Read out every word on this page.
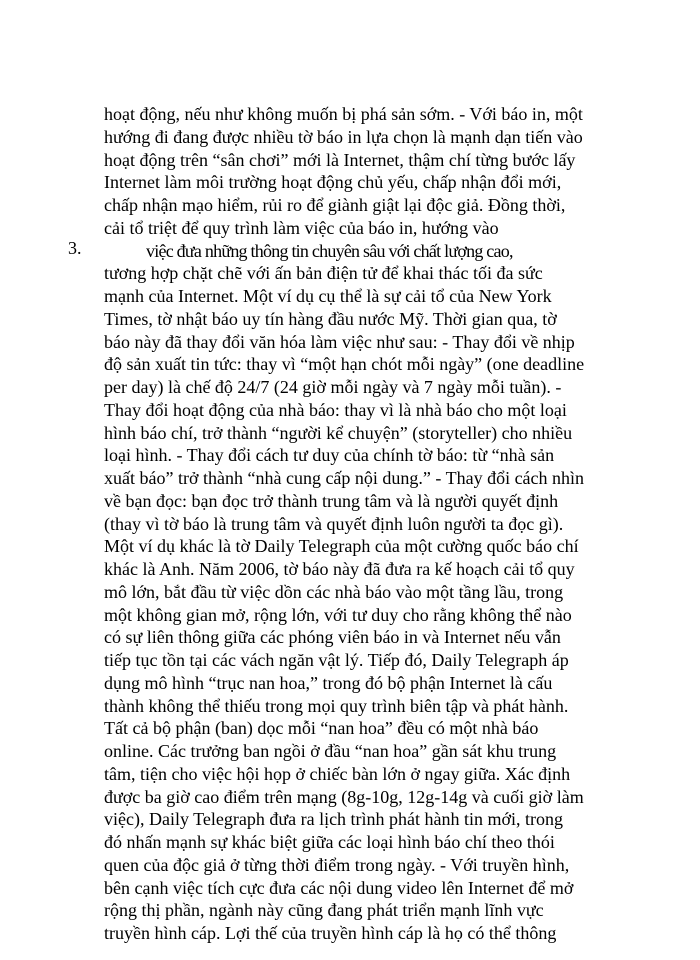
3.
hoạt động, nếu như không muốn bị phá sản sớm. - Với báo in, một
hướng đi đang được nhiều tờ báo in lựa chọn là mạnh dạn tiến vào
hoạt động trên “sân chơi” mới là Internet, thậm chí từng bước lấy
Internet làm môi trường hoạt động chủ yếu, chấp nhận đổi mới,
chấp nhận mạo hiểm, rủi ro để giành giật lại độc giả. Đồng thời,
cải tổ triệt để quy trình làm việc của báo in, hướng vào
việc đưa những thông tin chuyên sâu với chất lượng cao,
tương hợp chặt chẽ với ấn bản điện tử để khai thác tối đa sức
mạnh của Internet. Một ví dụ cụ thể là sự cải tổ của New York
Times, tờ nhật báo uy tín hàng đầu nước Mỹ. Thời gian qua, tờ
báo này đã thay đổi văn hóa làm việc như sau: - Thay đổi về nhịp
độ sản xuất tin tức: thay vì “một hạn chót mỗi ngày” (one deadline
per day) là chế độ 24/7 (24 giờ mỗi ngày và 7 ngày mỗi tuần). -
Thay đổi hoạt động của nhà báo: thay vì là nhà báo cho một loại
hình báo chí, trở thành “người kể chuyện” (storyteller) cho nhiều
loại hình. - Thay đổi cách tư duy của chính tờ báo: từ “nhà sản
xuất báo” trở thành “nhà cung cấp nội dung.” - Thay đổi cách nhìn
về bạn đọc: bạn đọc trở thành trung tâm và là người quyết định
(thay vì tờ báo là trung tâm và quyết định luôn người ta đọc gì).
Một ví dụ khác là tờ Daily Telegraph của một cường quốc báo chí
khác là Anh. Năm 2006, tờ báo này đã đưa ra kế hoạch cải tổ quy
mô lớn, bắt đầu từ việc dồn các nhà báo vào một tầng lầu, trong
một không gian mở, rộng lớn, với tư duy cho rằng không thể nào
có sự liên thông giữa các phóng viên báo in và Internet nếu vẫn
tiếp tục tồn tại các vách ngăn vật lý. Tiếp đó, Daily Telegraph áp
dụng mô hình “trục nan hoa,” trong đó bộ phận Internet là cấu
thành không thể thiếu trong mọi quy trình biên tập và phát hành.
Tất cả bộ phận (ban) dọc mỗi “nan hoa” đều có một nhà báo
online. Các trưởng ban ngồi ở đầu “nan hoa” gần sát khu trung
tâm, tiện cho việc hội họp ở chiếc bàn lớn ở ngay giữa. Xác định
được ba giờ cao điểm trên mạng (8g-10g, 12g-14g và cuối giờ làm
việc), Daily Telegraph đưa ra lịch trình phát hành tin mới, trong
đó nhấn mạnh sự khác biệt giữa các loại hình báo chí theo thói
quen của độc giả ở từng thời điểm trong ngày. - Với truyền hình,
bên cạnh việc tích cực đưa các nội dung video lên Internet để mở
rộng thị phần, ngành này cũng đang phát triển mạnh lĩnh vực
truyền hình cáp. Lợi thế của truyền hình cáp là họ có thể thông
